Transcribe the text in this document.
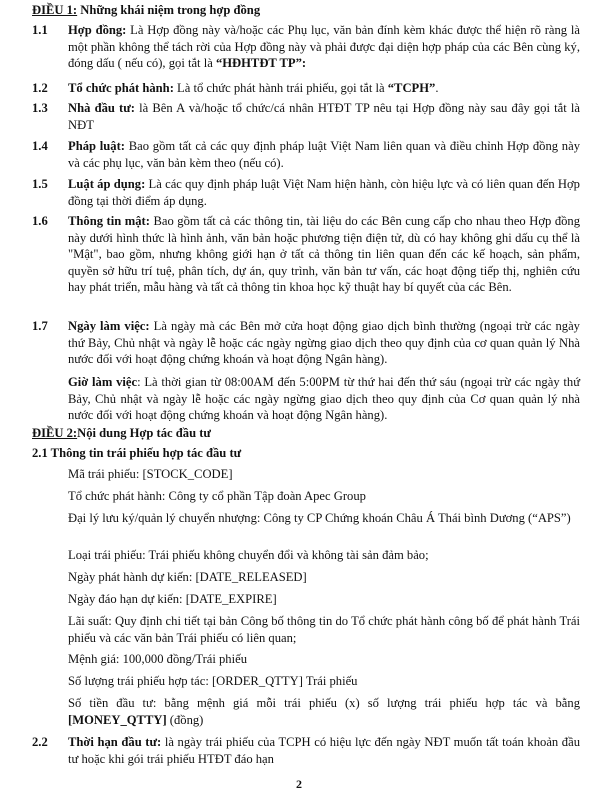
ĐIỀU 1: Những khái niệm trong hợp đồng
1.1	Hợp đồng: Là Hợp đồng này và/hoặc các Phụ lục, văn bản đính kèm khác được thể hiện rõ ràng là một phần không thể tách rời của Hợp đồng này và phải được đại diện hợp pháp của các Bên cùng ký, đóng dấu ( nếu có), gọi tắt là “HĐHTĐT TP”:
1.2	Tổ chức phát hành: Là tổ chức phát hành trái phiếu, gọi tắt là “TCPH”.
1.3	Nhà đầu tư: là Bên A và/hoặc tổ chức/cá nhân HTĐT TP nêu tại Hợp đồng này sau đây gọi tắt là NĐT
1.4	Pháp luật: Bao gồm tất cả các quy định pháp luật Việt Nam liên quan và điều chỉnh Hợp đồng này và các phụ lục, văn bản kèm theo (nếu có).
1.5	Luật áp dụng: Là các quy định pháp luật Việt Nam hiện hành, còn hiệu lực và có liên quan đến Hợp đồng tại thời điểm áp dụng.
1.6	Thông tin mật: Bao gồm tất cả các thông tin, tài liệu do các Bên cung cấp cho nhau theo Hợp đồng này dưới hình thức là hình ảnh, văn bản hoặc phương tiện điện tử, dù có hay không ghi dấu cụ thể là "Mật", bao gồm, nhưng không giới hạn ở tất cả thông tin liên quan đến các kế hoạch, sản phẩm, quyền sở hữu trí tuệ, phân tích, dự án, quy trình, văn bản tư vấn, các hoạt động tiếp thị, nghiên cứu hay phát triển, mẫu hàng và tất cả thông tin khoa học kỹ thuật hay bí quyết của các Bên.
1.7	Ngày làm việc: Là ngày mà các Bên mở cửa hoạt động giao dịch bình thường (ngoại trừ các ngày thứ Bảy, Chủ nhật và ngày lễ hoặc các ngày ngừng giao dịch theo quy định của cơ quan quản lý Nhà nước đối với hoạt động chứng khoán và hoạt động Ngân hàng).
Giờ làm việc: Là thời gian từ 08:00AM đến 5:00PM từ thứ hai đến thứ sáu (ngoại trừ các ngày thứ Bảy, Chủ nhật và ngày lễ hoặc các ngày ngừng giao dịch theo quy định của Cơ quan quản lý nhà nước đối với hoạt động chứng khoán và hoạt động Ngân hàng).
ĐIỀU 2:Nội dung Hợp tác đầu tư
2.1 Thông tin trái phiếu hợp tác đầu tư
Mã trái phiếu: [STOCK_CODE]
Tổ chức phát hành: Công ty cổ phần Tập đoàn Apec Group
Đại lý lưu ký/quản lý chuyển nhượng: Công ty CP Chứng khoán Châu Á Thái bình Dương (“APS”)
Loại trái phiếu: Trái phiếu không chuyển đổi và không tài sản đảm bảo;
Ngày phát hành dự kiến: [DATE_RELEASED]
Ngày đáo hạn dự kiến: [DATE_EXPIRE]
Lãi suất: Quy định chi tiết tại bản Công bố thông tin do Tổ chức phát hành công bố để phát hành Trái phiếu và các văn bản Trái phiếu có liên quan;
Mệnh giá: 100,000 đồng/Trái phiếu
Số lượng trái phiếu hợp tác: [ORDER_QTTY] Trái phiếu
Số tiền đầu tư: bằng mệnh giá mỗi trái phiếu (x) số lượng trái phiếu hợp tác và bằng [MONEY_QTTY] (đồng)
2.2	Thời hạn đầu tư: là ngày trái phiếu của TCPH có hiệu lực đến ngày NĐT muốn tất toán khoản đầu tư hoặc khi gói trái phiếu HTĐT đáo hạn
2
